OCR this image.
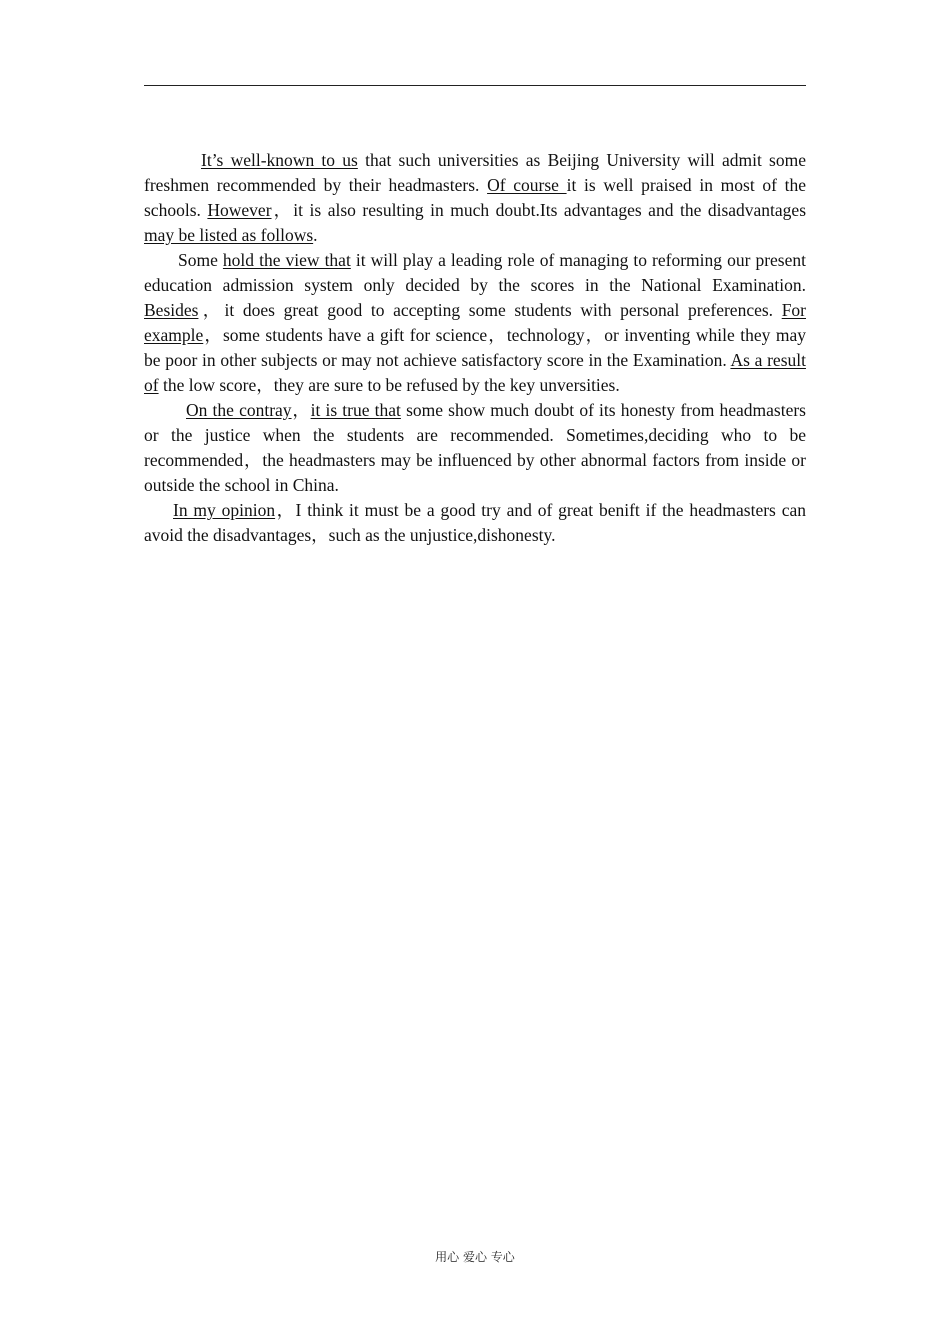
It’s well-known to us that such universities as Beijing University will admit some freshmen recommended by their headmasters. Of course it is well praised in most of the schools. However，it is also resulting in much doubt.Its advantages and the disadvantages may be listed as follows.

Some hold the view that it will play a leading role of managing to reforming our present education admission system only decided by the scores in the National Examination. Besides，it does great good to accepting some students with personal preferences. For example，some students have a gift for science，technology，or inventing while they may be poor in other subjects or may not achieve satisfactory score in the Examination. As a result of the low score，they are sure to be refused by the key unversities.

On the contray，it is true that some show much doubt of its honesty from headmasters or the justice when the students are recommended. Sometimes,deciding who to be recommended，the headmasters may be influenced by other abnormal factors from inside or outside the school in China.

In my opinion，I think it must be a good try and of great benift if the headmasters can avoid the disadvantages，such as the unjustice,dishonesty.

用心 爱心 专心
